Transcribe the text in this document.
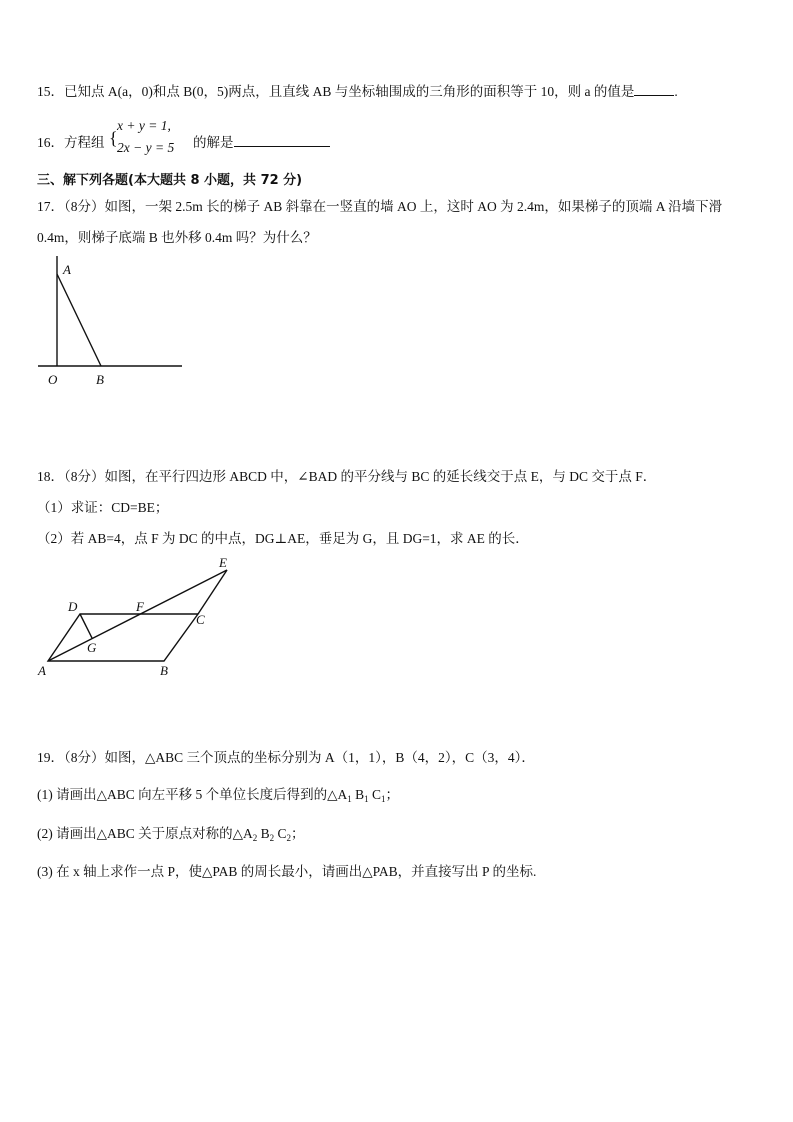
15．已知点 A(a，0)和点 B(0，5)两点，且直线 AB 与坐标轴围成的三角形的面积等于 10，则 a 的值是	.
16．方程组 {
x + y = 1,
2x − y = 5 的解是
三、解下列各题(本大题共 8 小题，共 72 分)
17．（8分）如图，一架 2.5m 长的梯子 AB 斜靠在一竖直的墙 AO 上，这时 AO 为 2.4m，如果梯子的顶端 A 沿墙下滑
0.4m，则梯子底端 B 也外移 0.4m 吗？为什么？
A
O	B
18．（8分）如图，在平行四边形 ABCD 中，∠BAD 的平分线与 BC 的延长线交于点 E，与 DC 交于点 F．
（1）求证：CD=BE；
（2）若 AB=4，点 F 为 DC 的中点，DG⊥AE，垂足为 G，且 DG=1，求 AE 的长．
E
D	F
C
G
A	B
19．（8分）如图，△ABC 三个顶点的坐标分别为 A（1，1），B（4，2），C（3，4）．
(1) 请画出△ABC 向左平移 5 个单位长度后得到的$\triangle A_1$ $B_1$ $C_1$；
(2) 请画出△ABC 关于原点对称的$\triangle A_2$ $B_2$ $C_2$；
(3) 在 x 轴上求作一点 P，使△PAB 的周长最小，请画出△PAB，并直接写出 P 的坐标.
